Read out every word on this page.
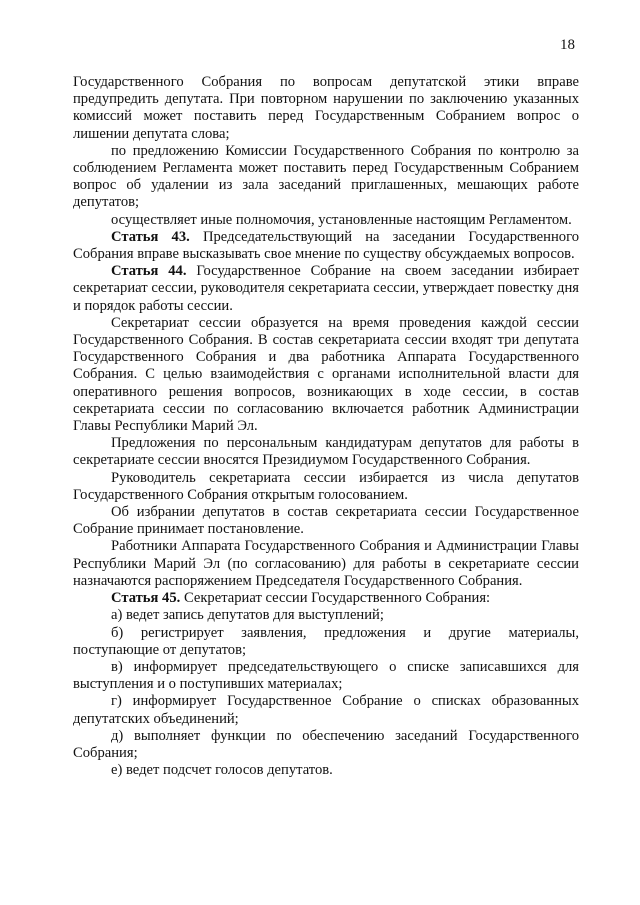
18

Государственного Собрания по вопросам депутатской этики вправе предупредить депутата. При повторном нарушении по заключению указанных комиссий может поставить перед Государственным Собранием вопрос о лишении депутата слова;

по предложению Комиссии Государственного Собрания по контролю за соблюдением Регламента может поставить перед Государственным Собранием вопрос об удалении из зала заседаний приглашенных, мешающих работе депутатов;

осуществляет иные полномочия, установленные настоящим Регламентом.

Статья 43. Председательствующий на заседании Государственного Собрания вправе высказывать свое мнение по существу обсуждаемых вопросов.

Статья 44. Государственное Собрание на своем заседании избирает секретариат сессии, руководителя секретариата сессии, утверждает повестку дня и порядок работы сессии.

Секретариат сессии образуется на время проведения каждой сессии Государственного Собрания. В состав секретариата сессии входят три депутата Государственного Собрания и два работника Аппарата Государственного Собрания. С целью взаимодействия с органами исполнительной власти для оперативного решения вопросов, возникающих в ходе сессии, в состав секретариата сессии по согласованию включается работник Администрации Главы Республики Марий Эл.

Предложения по персональным кандидатурам депутатов для работы в секретариате сессии вносятся Президиумом Государственного Собрания.

Руководитель секретариата сессии избирается из числа депутатов Государственного Собрания открытым голосованием.

Об избрании депутатов в состав секретариата сессии Государственное Собрание принимает постановление.

Работники Аппарата Государственного Собрания и Администрации Главы Республики Марий Эл (по согласованию) для работы в секретариате сессии назначаются распоряжением Председателя Государственного Собрания.

Статья 45. Секретариат сессии Государственного Собрания:

а) ведет запись депутатов для выступлений;

б) регистрирует заявления, предложения и другие материалы, поступающие от депутатов;

в) информирует председательствующего о списке записавшихся для выступления и о поступивших материалах;

г) информирует Государственное Собрание о списках образованных депутатских объединений;

д) выполняет функции по обеспечению заседаний Государственного Собрания;

е) ведет подсчет голосов депутатов.
